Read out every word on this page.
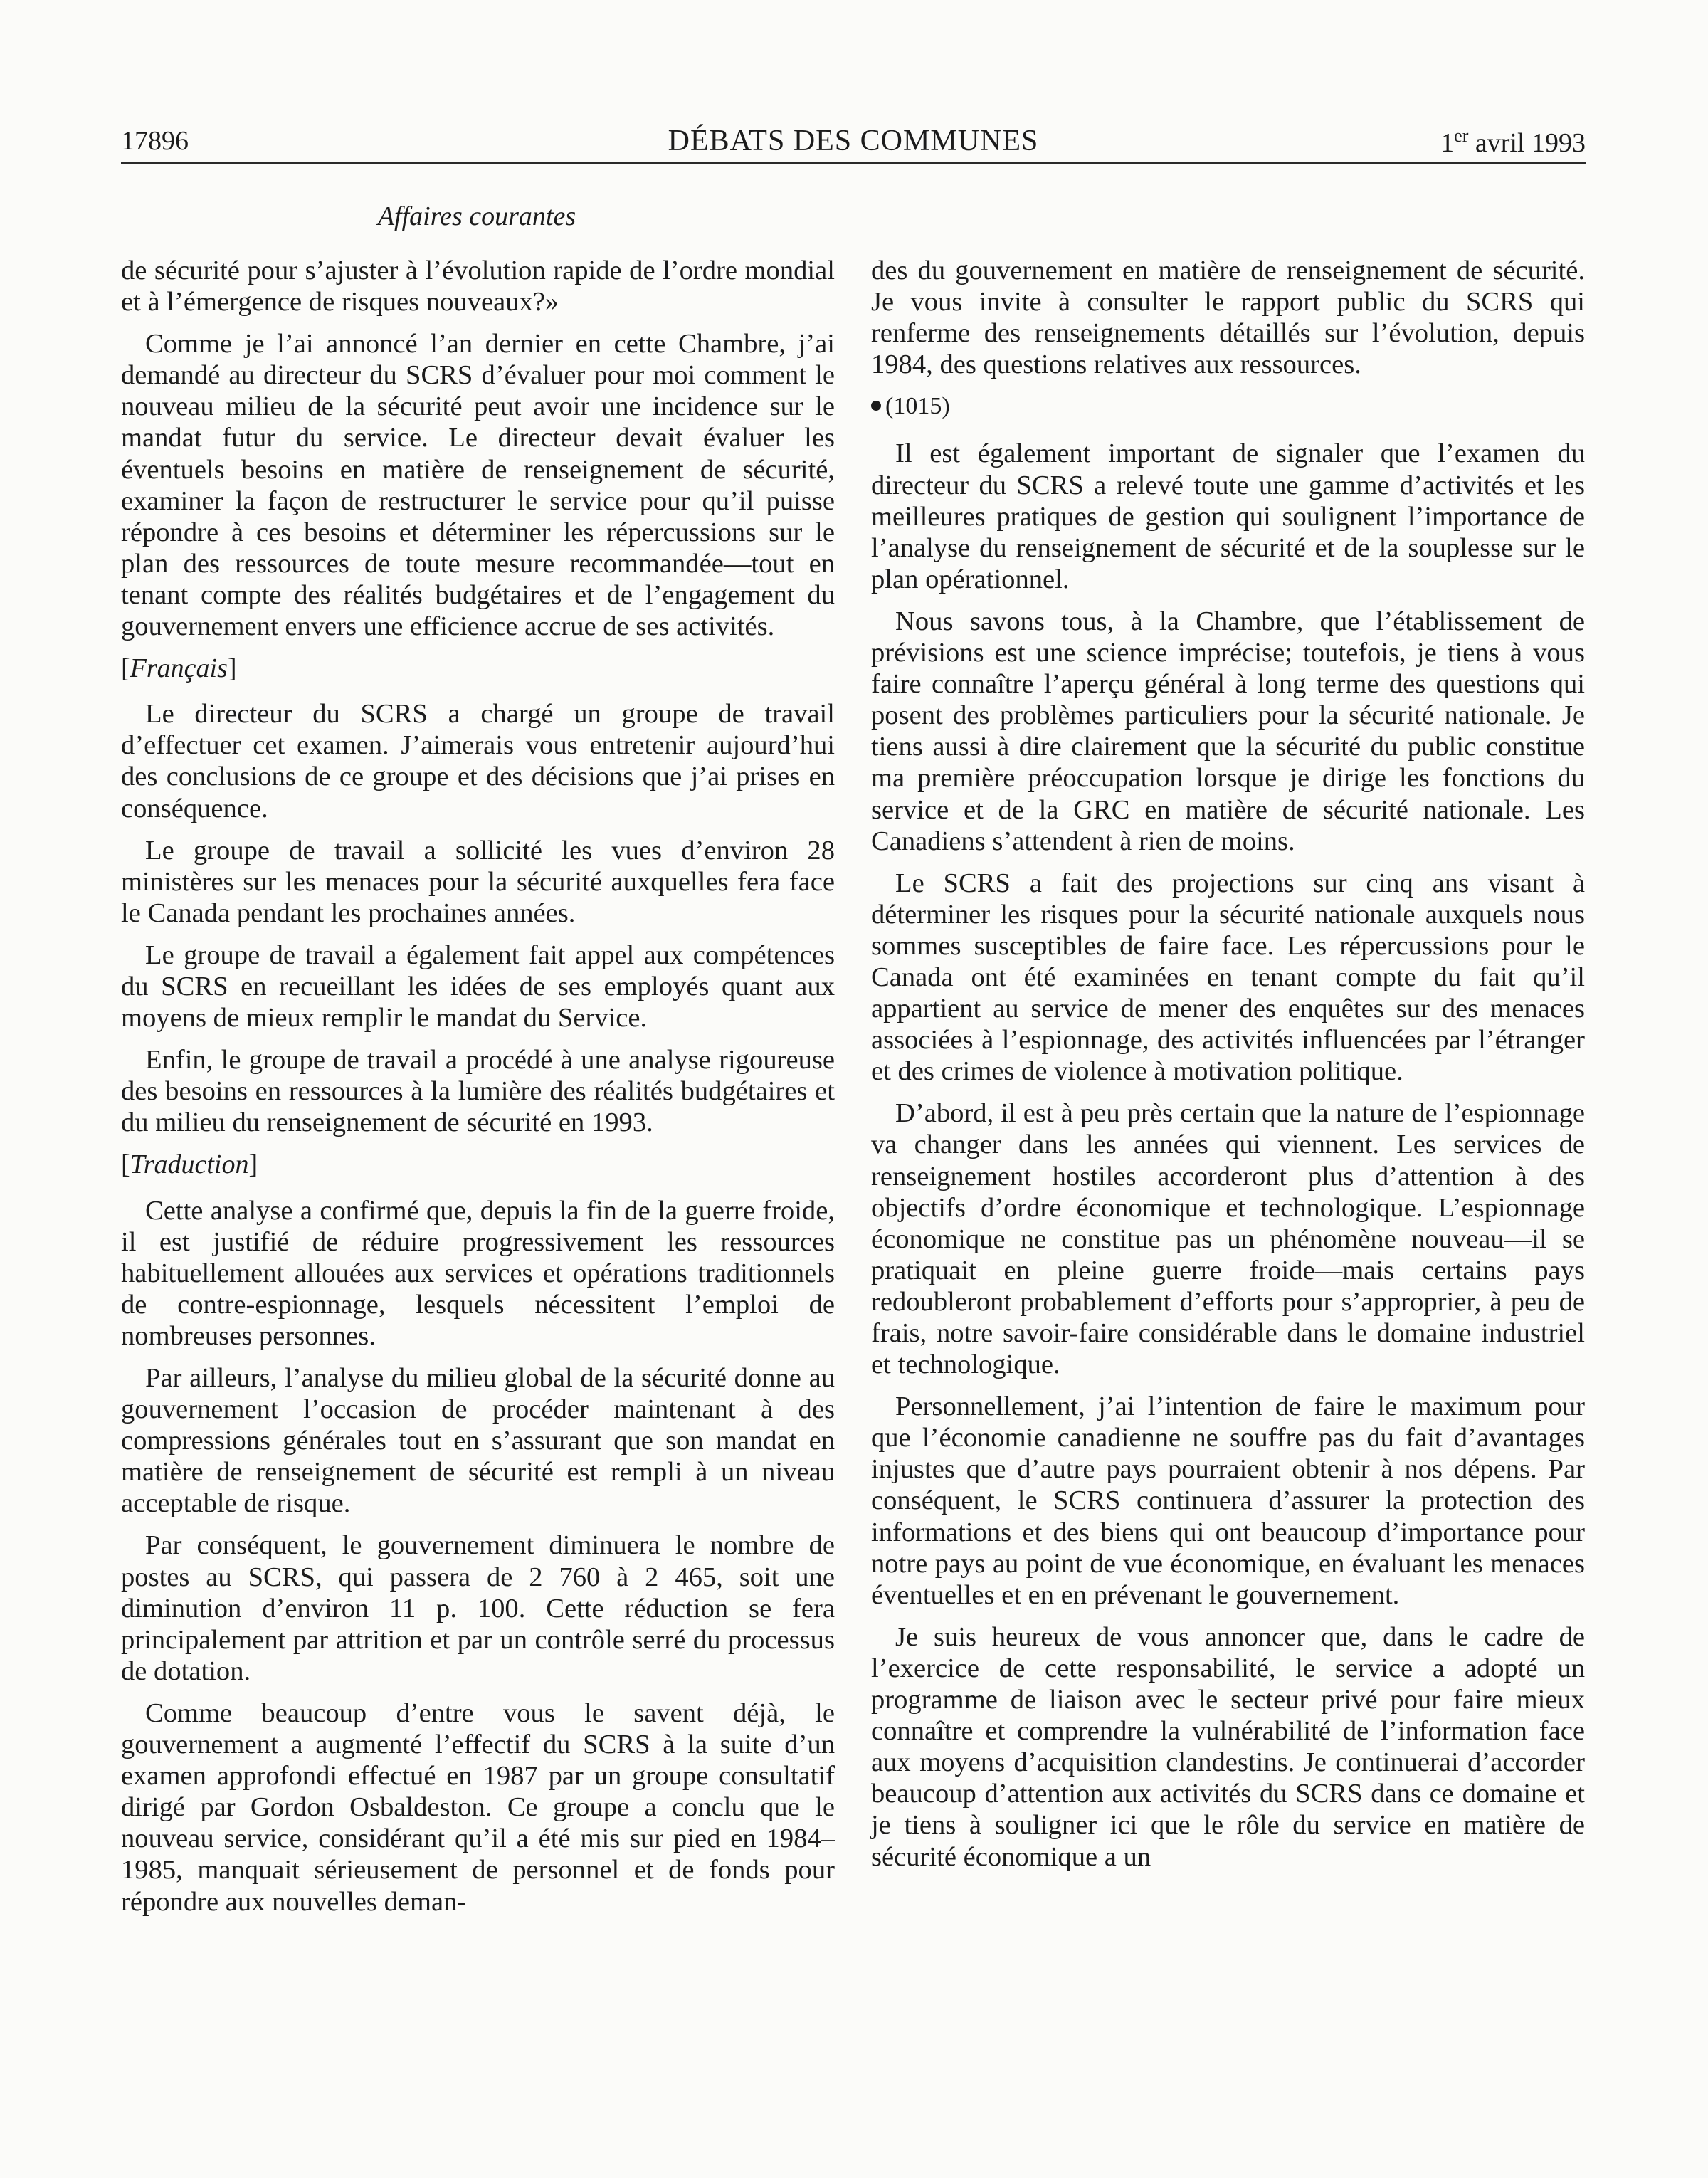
17896	DÉBATS DES COMMUNES	1er avril 1993
Affaires courantes

de sécurité pour s’ajuster à l’évolution rapide de l’ordre mondial et à l’émergence de risques nouveaux?»

Comme je l’ai annoncé l’an dernier en cette Chambre, j’ai demandé au directeur du SCRS d’évaluer pour moi comment le nouveau milieu de la sécurité peut avoir une incidence sur le mandat futur du service. Le directeur devait évaluer les éventuels besoins en matière de renseignement de sécurité, examiner la façon de restructurer le service pour qu’il puisse répondre à ces besoins et déterminer les répercussions sur le plan des ressources de toute mesure recommandée—tout en tenant compte des réalités budgétaires et de l’engagement du gouvernement envers une efficience accrue de ses activités.

[Français]

Le directeur du SCRS a chargé un groupe de travail d’effectuer cet examen. J’aimerais vous entretenir aujourd’hui des conclusions de ce groupe et des décisions que j’ai prises en conséquence.

Le groupe de travail a sollicité les vues d’environ 28 ministères sur les menaces pour la sécurité auxquelles fera face le Canada pendant les prochaines années.

Le groupe de travail a également fait appel aux compétences du SCRS en recueillant les idées de ses employés quant aux moyens de mieux remplir le mandat du Service.

Enfin, le groupe de travail a procédé à une analyse rigoureuse des besoins en ressources à la lumière des réalités budgétaires et du milieu du renseignement de sécurité en 1993.

[Traduction]

Cette analyse a confirmé que, depuis la fin de la guerre froide, il est justifié de réduire progressivement les ressources habituellement allouées aux services et opérations traditionnels de contre-espionnage, lesquels nécessitent l’emploi de nombreuses personnes.

Par ailleurs, l’analyse du milieu global de la sécurité donne au gouvernement l’occasion de procéder maintenant à des compressions générales tout en s’assurant que son mandat en matière de renseignement de sécurité est rempli à un niveau acceptable de risque.

Par conséquent, le gouvernement diminuera le nombre de postes au SCRS, qui passera de 2 760 à 2 465, soit une diminution d’environ 11 p. 100. Cette réduction se fera principalement par attrition et par un contrôle serré du processus de dotation.

Comme beaucoup d’entre vous le savent déjà, le gouvernement a augmenté l’effectif du SCRS à la suite d’un examen approfondi effectué en 1987 par un groupe consultatif dirigé par Gordon Osbaldeston. Ce groupe a conclu que le nouveau service, considérant qu’il a été mis sur pied en 1984–1985, manquait sérieusement de personnel et de fonds pour répondre aux nouvelles deman-

des du gouvernement en matière de renseignement de sécurité. Je vous invite à consulter le rapport public du SCRS qui renferme des renseignements détaillés sur l’évolution, depuis 1984, des questions relatives aux ressources.

(1015)

Il est également important de signaler que l’examen du directeur du SCRS a relevé toute une gamme d’activités et les meilleures pratiques de gestion qui soulignent l’importance de l’analyse du renseignement de sécurité et de la souplesse sur le plan opérationnel.

Nous savons tous, à la Chambre, que l’établissement de prévisions est une science imprécise; toutefois, je tiens à vous faire connaître l’aperçu général à long terme des questions qui posent des problèmes particuliers pour la sécurité nationale. Je tiens aussi à dire clairement que la sécurité du public constitue ma première préoccupation lorsque je dirige les fonctions du service et de la GRC en matière de sécurité nationale. Les Canadiens s’attendent à rien de moins.

Le SCRS a fait des projections sur cinq ans visant à déterminer les risques pour la sécurité nationale auxquels nous sommes susceptibles de faire face. Les répercussions pour le Canada ont été examinées en tenant compte du fait qu’il appartient au service de mener des enquêtes sur des menaces associées à l’espionnage, des activités influencées par l’étranger et des crimes de violence à motivation politique.

D’abord, il est à peu près certain que la nature de l’espionnage va changer dans les années qui viennent. Les services de renseignement hostiles accorderont plus d’attention à des objectifs d’ordre économique et technologique. L’espionnage économique ne constitue pas un phénomène nouveau—il se pratiquait en pleine guerre froide—mais certains pays redoubleront probablement d’efforts pour s’approprier, à peu de frais, notre savoir-faire considérable dans le domaine industriel et technologique.

Personnellement, j’ai l’intention de faire le maximum pour que l’économie canadienne ne souffre pas du fait d’avantages injustes que d’autre pays pourraient obtenir à nos dépens. Par conséquent, le SCRS continuera d’assurer la protection des informations et des biens qui ont beaucoup d’importance pour notre pays au point de vue économique, en évaluant les menaces éventuelles et en en prévenant le gouvernement.

Je suis heureux de vous annoncer que, dans le cadre de l’exercice de cette responsabilité, le service a adopté un programme de liaison avec le secteur privé pour faire mieux connaître et comprendre la vulnérabilité de l’information face aux moyens d’acquisition clandestins. Je continuerai d’accorder beaucoup d’attention aux activités du SCRS dans ce domaine et je tiens à souligner ici que le rôle du service en matière de sécurité économique a un
